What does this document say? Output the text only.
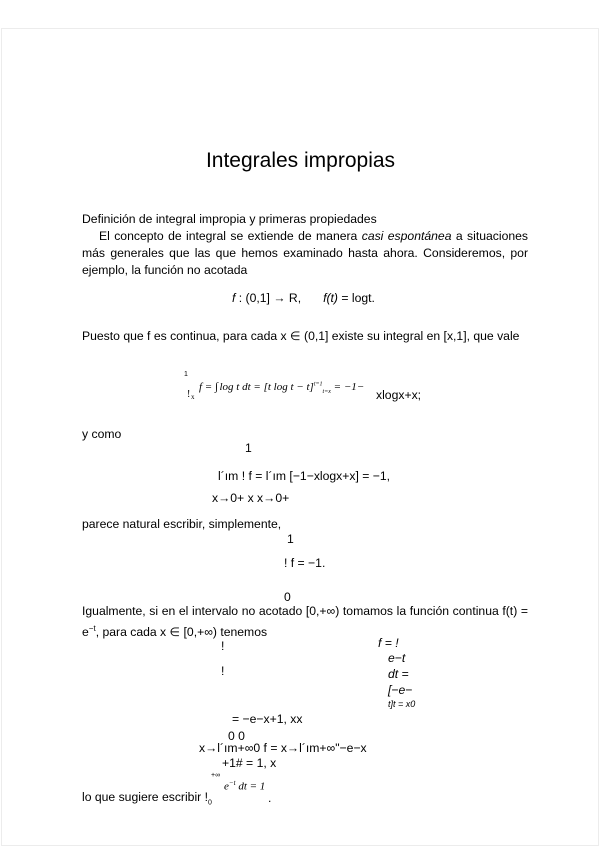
Integrales impropias
Definición de integral impropia y primeras propiedades

El concepto de integral se extiende de manera casi espontánea a situaciones más generales que las que hemos examinado hasta ahora. Consideremos, por ejemplo, la función no acotada

f : (0,1] → R, f(t) = logt.
Puesto que f es continua, para cada x ∈ (0,1] existe su integral en [x,1], que vale
1
! x
f = ∫ log t dt = [t log t − t]$^{t=1}_{t=x}$ = −1−
xlogx+x;
y como
1
l´ım ! f = l´ım [−1−xlogx+x] = −1,
x→0+ x x→0+
parece natural escribir, simplemente,
1
! f = −1.
0

Igualmente, si en el intervalo no acotado [0,+∞) tomamos la función continua $f(t) = e^{-t}$, para cada x ∈ [0,+∞) tenemos

!
!
f = !
e−t
dt =
[−e−
t]t = x0
= −e−x+1, xx
0 0
x→l´ım+∞0 f = x→l´ım+∞"−e−x
+1# = 1, x
+∞
lo que sugiere escribir $!_0$
$e^{-t}$ dt = 1
.
